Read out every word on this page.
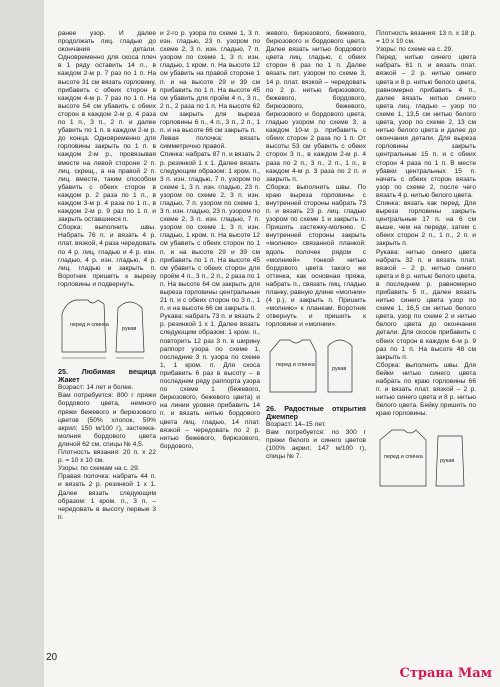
ранее узор. И далее продолжать лиц. гладью до окончания детали. Одновременно для скоса плеч в 1 ряду оставить 14 п., в каждом 2-м р. 7 раз по 1 п. На высоте 31 см вязать горловину, прибавить с обеих сторон в каждом 4-м р. 7 раз по 1 п. На высоте 54 см убавить с обеих сторон в каждом 2-м р. 4 раза по 1 п., 3 п., 2 п. и далее убавить по 1 п. в каждом 2-м р. до конца. Одновременно для горловины закрыть по 1 п. в каждом 2-м р., провязывая вместе на левой стороне 2 п. лиц. скрещ., а на правой 2 п. лиц. вместе, таким способом убавить с обеих сторон в каждом р. 2 раза по 1 п., в каждом 3-м р. 4 раза по 1 п., в каждом 2-м р. 9 раз по 1 п. и закрыть оставшиеся п.

Сборка: выполнить швы. Набрать 76 п. и вязать 4 р. плат. вязкой, 4 раза чередовать по 4 р. лиц. гладью и 4 р. изн. гладью, 4 р. изн. гладью, 4 р. лиц. гладью и закрыть п. Воротник пришить к вырезу горловины и подвернуть.

перед и спинка
рукав

25. Любимая вещица Жакет

Возраст: 14 лет и более.

Вам потребуется: 800 г пряжи бордового цвета, немного пряжи бежевого и бирюзового цветов (50% хлопок, 50% акрил; 150 м/100 г), застежка-молния бордового цвета длиной 62 см, спицы № 4,5.

Плотность вязания: 20 п. x 22 р. = 10 x 10 см.

Узоры: по схемам на с. 29.

Правая полочка: набрать 44 п. и вязать 2 р. резинкой 1 x 1. Далее вязать следующим образом: 1 кром. п., 3 п. – чередовать в высоту первые 3 п.

и 2-го р. узора по схеме 1, 3 п. изн. гладью, 23 п. узором по схеме 2, 3 п. изн. гладью, 7 п. узором по схеме 1, 3 п. изн. гладью, 1 кром. п. На высоте 12 см убавить на правой стороне 1 п. и на высоте 29 и 39 см прибавить по 1 п. На высоте 45 см убавить для пройм 4 п., 3 п., 2 п., 2 раза по 1 п. На высоте 62 см закрыть для выреза горловины 6 п., 4 п., 3 п., 2 п., 1 п. и на высоте 66 см закрыть п.

Левая полочка: вязать симметрично правой.

Спинка: набрать 87 п. и вязать 2 р. резинкой 1 x 1. Далее вязать следующим образом: 1 кром. п., 3 п. изн. гладью, 7 п. узором по схеме 1, 3 п. изн. гладью, 23 п. узором по схеме 2, 3 п. изн. гладью, 7 п. узором по схеме 1, 3 п. изн. гладью, 23 п. узором по схеме 2, 3 п. изн. гладью, 7 п. узором по схеме 1, 3 п. изн. гладью, 1 кром. п. На высоте 12 см убавить с обеих сторон по 1 п. и на высоте 29 и 39 см прибавить по 1 п. На высоте 45 см убавить с обеих сторон для пройм 4 п., 3 п., 2 п., 2 раза по 1 п. На высоте 64 см закрыть для выреза горловины центральные 21 п. и с обеих сторон по 3 п., 1 п. и на высоте 66 см закрыть п.

Рукава: набрать 73 п. и вязать 2 р. резинкой 1 x 1. Далее вязать следующим образом: 1 кром. п., повторить 12 раз 3 п. в ширину раппорт узора по схеме 1, последние 3 п. узора по схеме 1, 1 кром. п. Для скоса прибавить 6 раз в высоту – в последнем ряду раппорта узора по схеме 1 (бежевого, бирюзового, бежевого цвета) и на линии уровня прибавить 14 п. и вязать нитью бордового цвета лиц. гладью, 14 плат. вязкой – чередовать по 2 р. нитью бежевого, бирюзового, бордового,

жевого, бирюзового, бежевого, бирюзового и бордового цвета. Далее вязать нитью бордового цвета лиц. гладью, с обеих сторон 6 раз по 1 п. Далее вязать пит. узором по схеме 3, 14 р. плат. вязкой – чередовать по 2 р. нитью бирюзового, бежевого, бордового, бирюзового, бежевого, бирюзового и бордового цвета, гладью узором по схеме 3, а каждом 10-м р. прибавить с обеих сторон 2 раза по 1 п. От высоты 53 см убавить с обеих сторон 3 п., в каждом 2-м р. 4 раза по 2 п., 3 п., 2 п., 1 п., в каждом 4-м р. 3 раза по 2 п. и закрыть п.

Сборка: выполнить швы. По краю выреза горловины с внутренней стороны набрать 73 п. и вязать 23 р. лиц. гладью узором по схеме 1 и закрыть п. Пришить застежку-молнию. С внутренней стороны закрыть «молнию» связанной планкой: вдоль полочек рядом с «молнией» тонкой нитью бордового цвета такого же оттенка, как основная пряжа, набрать п., связать лиц. гладью планку, равную длине «молнии» (4 р.), и закрыть п. Пришить «молнию» к планкам. Воротник отвернуть и пришить к горловине и «молнии».

перед и спинка
рукав

26. Радостные открытия Джемпер

Возраст: 14–15 лет.

Вам потребуется: по 300 г пряжи белого и синего цветов (100% акрил; 147 м/100 г), спицы № 7.

Плотность вязания: 13 п. x 18 р. = 10 x 10 см.

Узоры: по схеме на с. 29.

Перед: нитью синего цвета набрать 61 п. и вязать плат. вязкой – 2 р. нитью синего цвета и 8 р. нитью белого цвета, равномерно прибавить 4 п., далее вязать нитью синего цвета лиц. гладью – узор по схеме 1, 13,5 см нитью белого цвета, узор по схеме 2, 13 см нитью белого цвета и далее до окончания детали. Для выреза горловины закрыть центральные 15 п. и с обеих сторон 4 раза по 1 п. В месте убавки центральных 15 п. начать с обеих сторон вязать узор по схеме 2, после чего вязать 4 р. нитью белого цвета.

Спинка: вязать как перед. Для выреза горловины закрыть центральные 17 п. на 6 см выше, чем на переде, затем с обеих сторон 2 п., 1 п., 2 п. и закрыть п.

Рукава: нитью синего цвета набрать 32 п. и вязать плат. вязкой – 2 р. нитью синего цвета и 8 р. нитью белого цвета, в последнем р. равномерно прибавить 5 п., далее вязать нитью синего цвета узор по схеме 1, 16,5 см нитью белого цвета, узор по схеме 2 и нитью белого цвета до окончания детали. Для скосов прибавить с обеих сторон в каждом 6-м р. 9 раз по 1 п. На высоте 48 см закрыть п.

Сборка: выполнить швы. Для бейки нитью синего цвета набрать по краю горловины 66 п. и вязать плат. вязкой – 2 р. нитью синего цвета и 8 р. нитью белого цвета. Бейку пришить по краю горловины.

перед и спинка
рукав
20
Страна Мам
